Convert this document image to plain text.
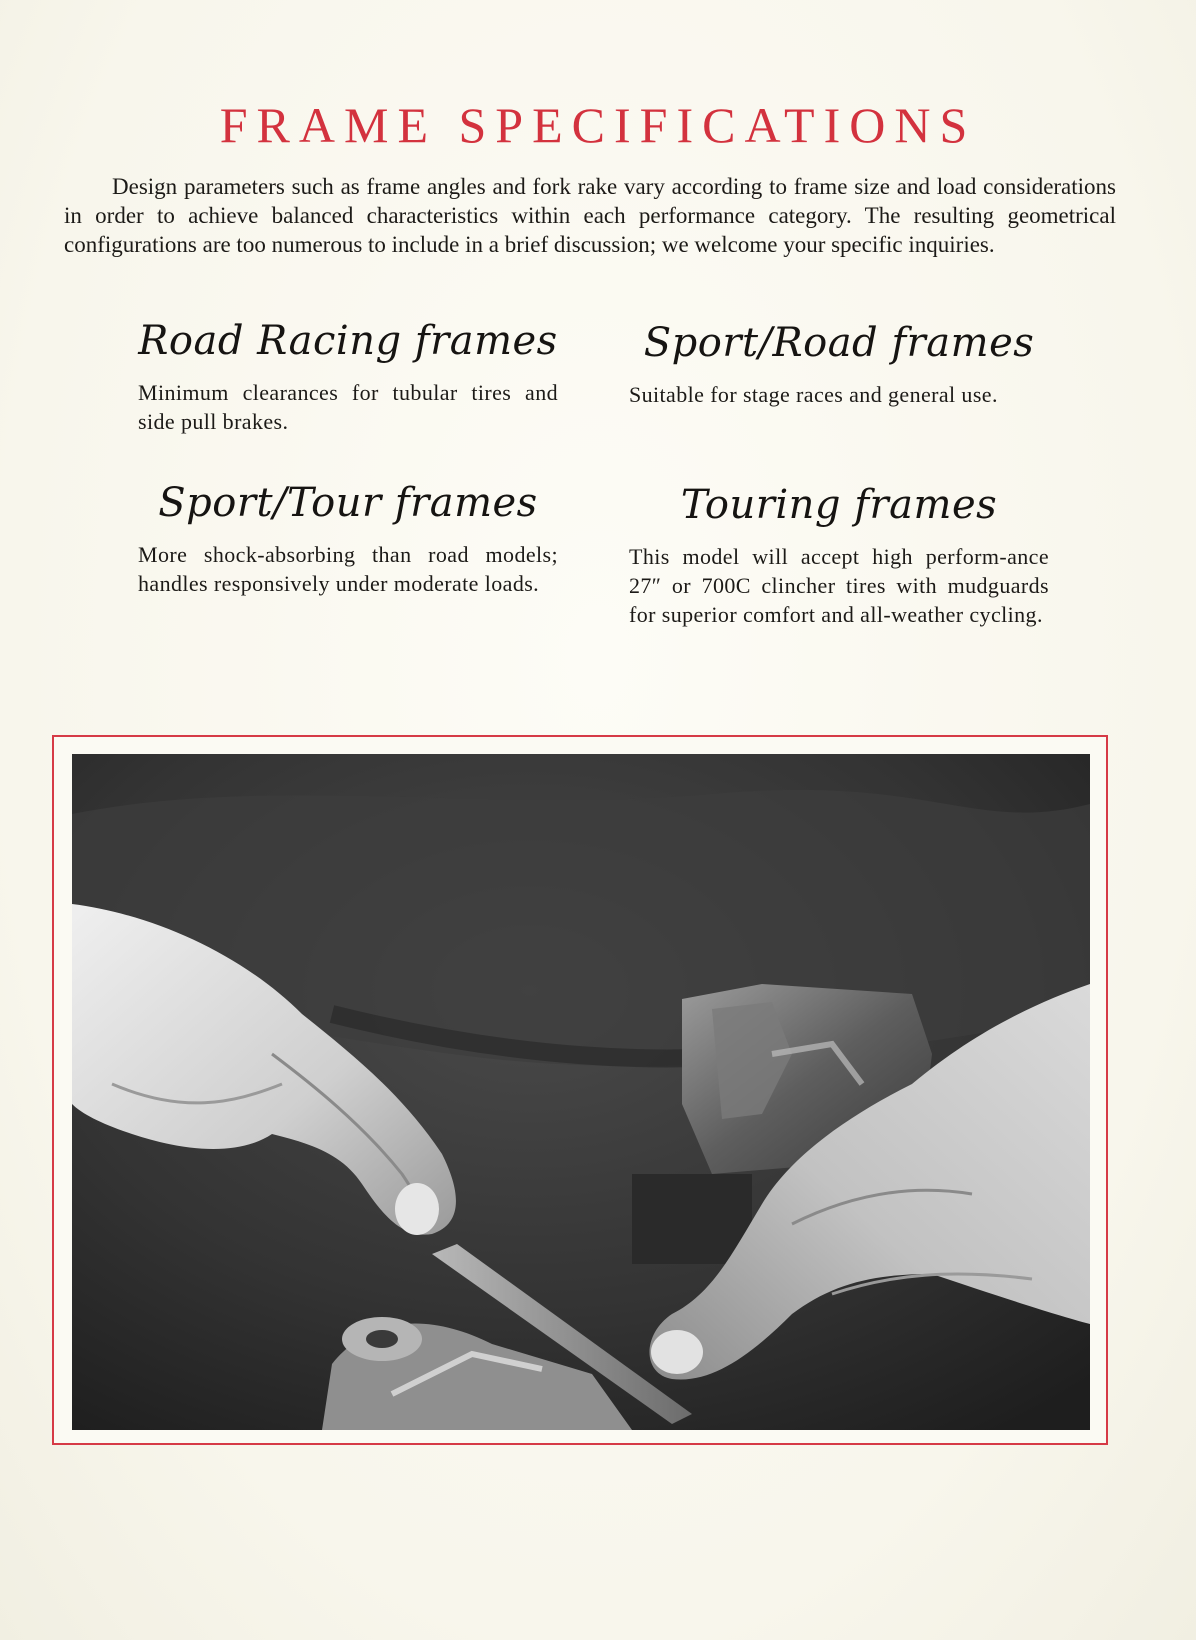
FRAME SPECIFICATIONS

Design parameters such as frame angles and fork rake vary according to frame size and load considerations in order to achieve balanced characteristics within each performance category. The resulting geometrical configurations are too numerous to include in a brief discussion; we welcome your specific inquiries.

Road Racing frames

Minimum clearances for tubular tires and side pull brakes.

Sport/Road frames

Suitable for stage races and general use.

Sport/Tour frames

More shock-absorbing than road models; handles responsively under moderate loads.

Touring frames

This model will accept high perform-ance 27″ or 700C clincher tires with mudguards for superior comfort and all-weather cycling.
